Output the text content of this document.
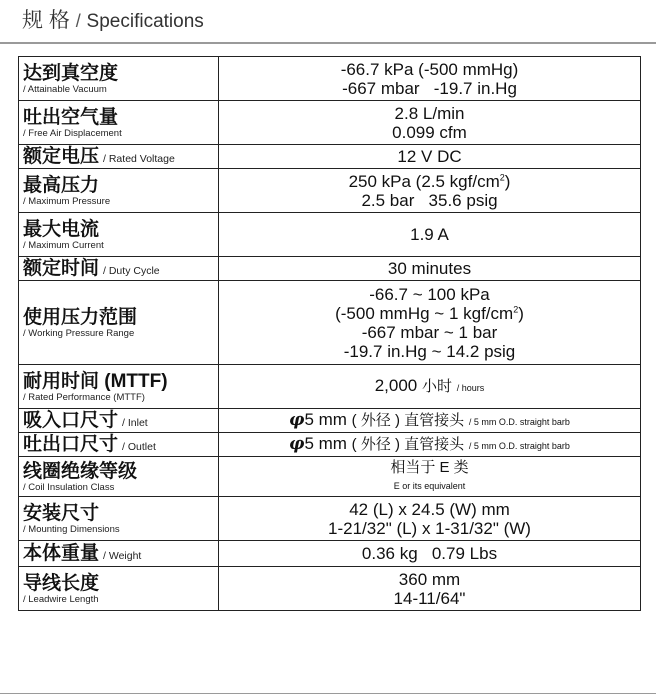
规 格 / Specifications
达到真空度
/ Attainable Vacuum	-66.7 kPa (-500 mmHg)
-667 mbar   -19.7 in.Hg

吐出空气量
/ Free Air Displacement	2.8 L/min
0.099 cfm

额定电压 / Rated Voltage	12 V DC

最高压力
/ Maximum Pressure	250 kPa (2.5 kgf/$cm^2$)
2.5 bar   35.6 psig

最大电流
/ Maximum Current	1.9 A

额定时间 / Duty Cycle	30 minutes

使用压力范围
/ Working Pressure Range	-66.7 ~ 100 kPa
(-500 mmHg ~ 1 kgf/$cm^2$)
-667 mbar ~ 1 bar
-19.7 in.Hg ~ 14.2 psig

耐用时间 (MTTF)
/ Rated Performance (MTTF)	2,000 小时 / hours
吸入口尺寸 / Inlet	φ5 mm ( 外径 ) 直管接头 / 5 mm O.D. straight barb
吐出口尺寸 / Outlet	φ5 mm ( 外径 ) 直管接头 / 5 mm O.D. straight barb

线圈绝缘等级
/ Coil Insulation Class	相当于 E 类
E or its equivalent

安装尺寸
/ Mounting Dimensions	42 (L) x 24.5 (W) mm
1-21/32" (L) x 1-31/32" (W)

本体重量 / Weight	0.36 kg   0.79 Lbs

导线长度
/ Leadwire Length	360 mm
14-11/64"
